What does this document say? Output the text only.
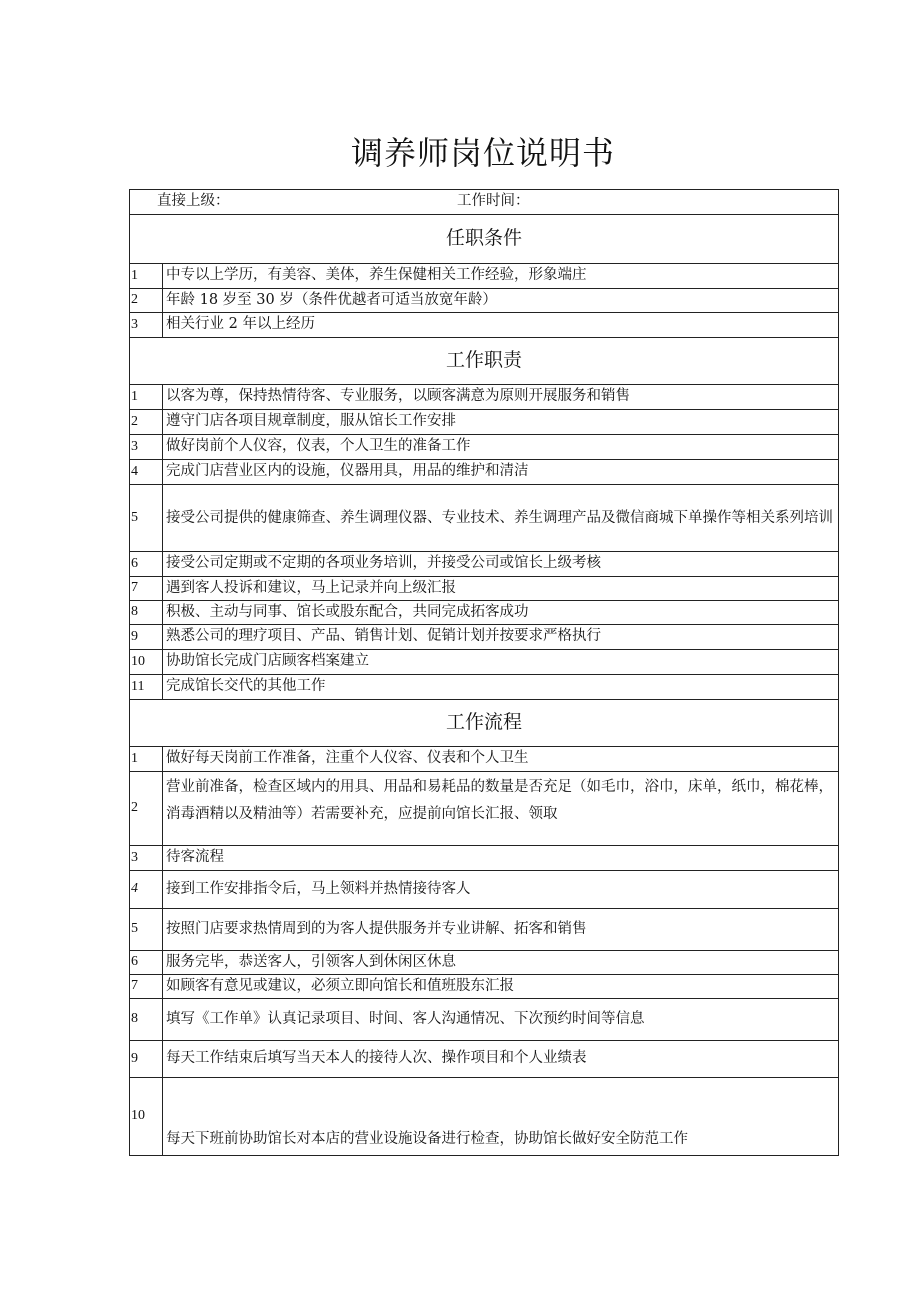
调养师岗位说明书
直接上级： 工作时间：	
任职条件	
1	中专以上学历，有美容、美体，养生保健相关工作经验，形象端庄
2	年龄 18 岁至 30 岁（条件优越者可适当放宽年龄）
3	相关行业 2 年以上经历
工作职责	
1	以客为尊，保持热情待客、专业服务，以顾客满意为原则开展服务和销售
2	遵守门店各项目规章制度，服从馆长工作安排
3	做好岗前个人仪容，仪表，个人卫生的准备工作
4	完成门店营业区内的设施，仪器用具，用品的维护和清洁
5	接受公司提供的健康筛查、养生调理仪器、专业技术、养生调理产品及微信商城下单操作等相关系列培训
6	接受公司定期或不定期的各项业务培训，并接受公司或馆长上级考核
7	遇到客人投诉和建议，马上记录并向上级汇报
8	积极、主动与同事、馆长或股东配合，共同完成拓客成功
9	熟悉公司的理疗项目、产品、销售计划、促销计划并按要求严格执行
10	协助馆长完成门店顾客档案建立
11	完成馆长交代的其他工作
工作流程	
1	做好每天岗前工作准备，注重个人仪容、仪表和个人卫生
2	营业前准备，检查区域内的用具、用品和易耗品的数量是否充足（如毛巾，浴巾，床单，纸巾，棉花棒，消毒酒精以及精油等）若需要补充，应提前向馆长汇报、领取
3	待客流程
4	接到工作安排指令后，马上领料并热情接待客人
5	按照门店要求热情周到的为客人提供服务并专业讲解、拓客和销售
6	服务完毕，恭送客人，引领客人到休闲区休息
7	如顾客有意见或建议，必须立即向馆长和值班股东汇报
8	填写《工作单》认真记录项目、时间、客人沟通情况、下次预约时间等信息
9	每天工作结束后填写当天本人的接待人次、操作项目和个人业绩表
10	每天下班前协助馆长对本店的营业设施设备进行检查，协助馆长做好安全防范工作
